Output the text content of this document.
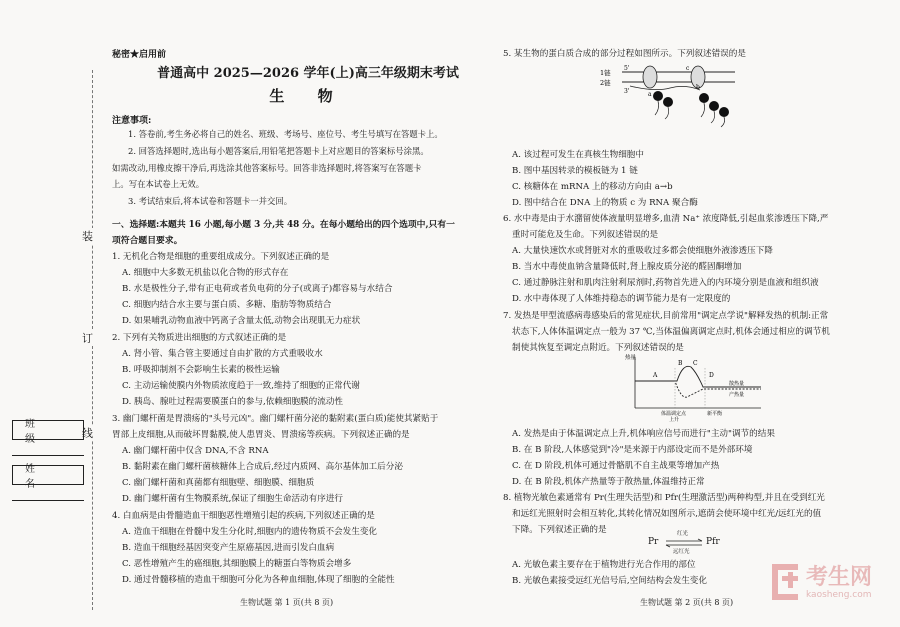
装
订
线
班 级
姓 名
秘密★启用前
普通高中 2025—2026 学年(上)高三年级期末考试
生 物
注意事项:
1. 答卷前,考生务必将自己的姓名、班级、考场号、座位号、考生号填写在答题卡上。
2. 回答选择题时,选出每小题答案后,用铅笔把答题卡上对应题目的答案标号涂黑。
如需改动,用橡皮擦干净后,再选涂其他答案标号。回答非选择题时,将答案写在答题卡
上。写在本试卷上无效。
3. 考试结束后,将本试卷和答题卡一并交回。
一、选择题:本题共 16 小题,每小题 3 分,共 48 分。在每小题给出的四个选项中,只有一
项符合题目要求。
1. 无机化合物是细胞的重要组成成分。下列叙述正确的是
A. 细胞中大多数无机盐以化合物的形式存在
B. 水是极性分子,带有正电荷或者负电荷的分子(或离子)都容易与水结合
C. 细胞内结合水主要与蛋白质、多糖、脂肪等物质结合
D. 如果哺乳动物血液中钙离子含量太低,动物会出现肌无力症状
2. 下列有关物质进出细胞的方式叙述正确的是
A. 肾小管、集合管主要通过自由扩散的方式重吸收水
B. 呼吸抑制剂不会影响生长素的极性运输
C. 主动运输使膜内外物质浓度趋于一致,维持了细胞的正常代谢
D. 胰岛、腺吐过程需要膜蛋白的参与,依赖细胞膜的流动性
3. 幽门螺杆菌是胃溃疡的"头号元凶"。幽门螺杆菌分泌的黏附素(蛋白质)能使其紧贴于
胃部上皮细胞,从而破坏胃黏膜,使人患胃炎、胃溃疡等疾病。下列叙述正确的是
A. 幽门螺杆菌中仅含 DNA,不含 RNA
B. 黏附素在幽门螺杆菌核糖体上合成后,经过内质网、高尔基体加工后分泌
C. 幽门螺杆菌和真菌都有细胞壁、细胞膜、细胞质
D. 幽门螺杆菌有生物膜系统,保证了细胞生命活动有序进行
4. 白血病是由骨髓造血干细胞恶性增殖引起的疾病,下列叙述正确的是
A. 造血干细胞在骨髓中发生分化时,细胞内的遗传物质不会发生变化
B. 造血干细胞经基因突变产生原癌基因,进而引发白血病
C. 恶性增殖产生的癌细胞,其细胞膜上的糖蛋白等物质会增多
D. 通过骨髓移植的造血干细胞可分化为各种血细胞,体现了细胞的全能性
生物试题 第 1 页(共 8 页)
5. 某生物的蛋白质合成的部分过程如图所示。下列叙述错误的是
1链
2链
5'
3'	a
b
c
A. 该过程可发生在真核生物细胞中
B. 图中基因转录的模板链为 1 链
C. 核糖体在 mRNA 上的移动方向由 a→b
D. 图中结合在 DNA 上的物质 c 为 RNA 聚合酶
6. 水中毒是由于水潴留使体液量明显增多,血清 Na⁺ 浓度降低,引起血浆渗透压下降,严
重时可能危及生命。下列叙述错误的是
A. 大量快速饮水或肾脏对水的重吸收过多都会使细胞外液渗透压下降
B. 当水中毒使血钠含量降低时,肾上腺皮质分泌的醛固酮增加
C. 通过静脉注射和肌肉注射利尿剂时,药物首先进入的内环境分别是血液和组织液
D. 水中毒体现了人体维持稳态的调节能力是有一定限度的
7. 发热是甲型流感病毒感染后的常见症状,目前常用"调定点学说"解释发热的机制:正常
状态下,人体体温调定点一般为 37 ℃,当体温偏离调定点时,机体会通过相应的调节机
制使其恢复至调定点附近。下列叙述错误的是
热量
A
B C
D
散热量
产热量
体温调定点
上升
新平衡
A. 发热是由于体温调定点上升,机体响应信号而进行"主动"调节的结果
B. 在 B 阶段,人体感觉到"冷"是来源于内部设定而不是外部环境
C. 在 D 阶段,机体可通过骨骼肌不自主战栗等增加产热
D. 在 B 阶段,机体产热量等于散热量,体温维持正常
8. 植物光敏色素通常有 Pr(生理失活型)和 Pfr(生理激活型)两种构型,并且在受到红光
和远红光照射时会相互转化,其转化情况如图所示,遮荫会使环境中红光/远红光的值
下降。下列叙述正确的是
Pr
红光
远红光
Pfr
A. 光敏色素主要存在于植物进行光合作用的部位
B. 光敏色素接受远红光信号后,空间结构会发生变化
生物试题 第 2 页(共 8 页)
考生网
kaosheng.com
